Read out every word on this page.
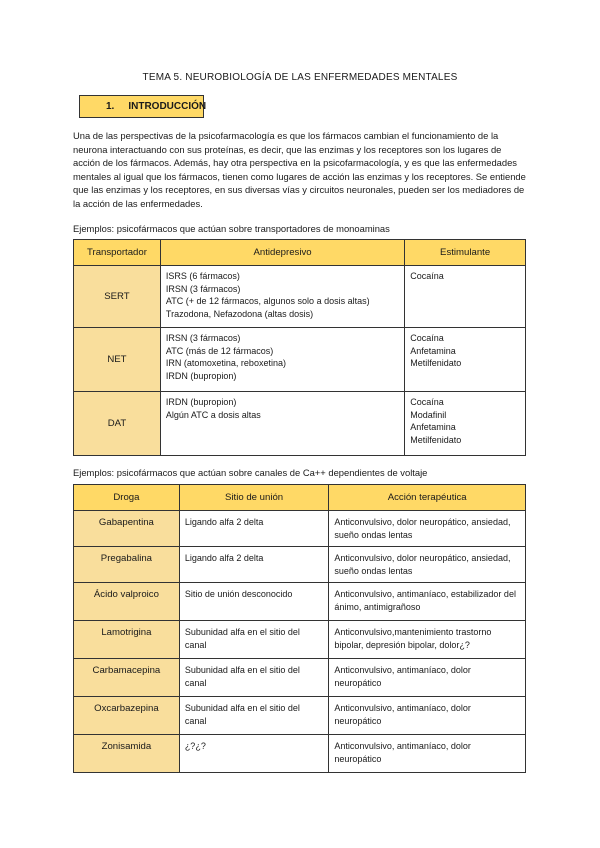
TEMA 5. NEUROBIOLOGÍA DE LAS ENFERMEDADES MENTALES
1. INTRODUCCIÓN
Una de las perspectivas de la psicofarmacología es que los fármacos cambian el funcionamiento de la neurona interactuando con sus proteínas, es decir, que las enzimas y los receptores son los lugares de acción de los fármacos. Además, hay otra perspectiva en la psicofarmacología, y es que las enfermedades mentales al igual que los fármacos, tienen como lugares de acción las enzimas y los receptores. Se entiende que las enzimas y los receptores, en sus diversas vías y circuitos neuronales, pueden ser los mediadores de la acción de las enfermedades.
Ejemplos: psicofármacos que actúan sobre transportadores de monoaminas
Transportador	Antidepresivo	Estimulante
SERT	ISRS (6 fármacos)
IRSN (3 fármacos)
ATC (+ de 12 fármacos, algunos solo a dosis altas)
Trazodona, Nefazodona (altas dosis)	Cocaína

NET	IRSN (3 fármacos)
ATC (más de 12 fármacos)
IRN (atomoxetina, reboxetina)
IRDN (bupropion)	Cocaína
Anfetamina
Metilfenidato

DAT	IRDN (bupropion)
Algún ATC a dosis altas	Cocaína
Modafinil
Anfetamina
Metilfenidato
Ejemplos: psicofármacos que actúan sobre canales de Ca++ dependientes de voltaje
Droga	Sitio de unión	Acción terapéutica
Gabapentina	Ligando alfa 2 delta	Anticonvulsivo, dolor neuropático, ansiedad, sueño ondas lentas
Pregabalina	Ligando alfa 2 delta	Anticonvulsivo, dolor neuropático, ansiedad, sueño ondas lentas
Ácido valproico	Sitio de unión desconocido	Anticonvulsivo, antimaníaco, estabilizador del ánimo, antimigrañoso
Lamotrigina	Subunidad alfa en el sitio del canal	Anticonvulsivo,mantenimiento trastorno bipolar, depresión bipolar, dolor¿?
Carbamacepina	Subunidad alfa en el sitio del canal	Anticonvulsivo, antimaníaco, dolor neuropático
Oxcarbazepina	Subunidad alfa en el sitio del canal	Anticonvulsivo, antimaníaco, dolor neuropático
Zonisamida	¿?¿?	Anticonvulsivo, antimaníaco, dolor neuropático
